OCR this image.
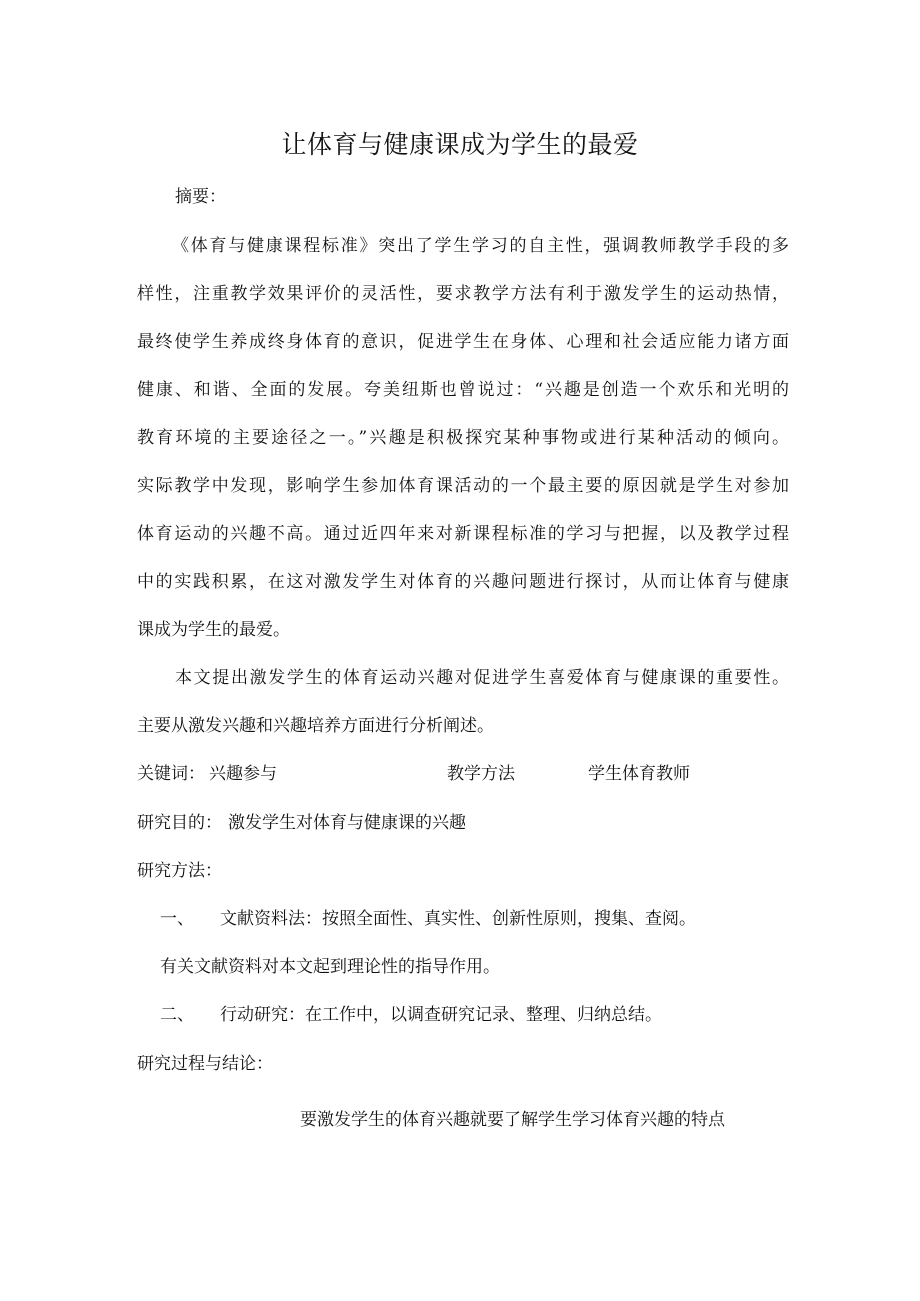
让体育与健康课成为学生的最爱
摘要：
《体育与健康课程标准》突出了学生学习的自主性，强调教师教学手段的多
样性，注重教学效果评价的灵活性，要求教学方法有利于激发学生的运动热情，
最终使学生养成终身体育的意识，促进学生在身体、心理和社会适应能力诸方面
健康、和谐、全面的发展。夸美纽斯也曾说过：“兴趣是创造一个欢乐和光明的
教育环境的主要途径之一。”兴趣是积极探究某种事物或进行某种活动的倾向。
实际教学中发现，影响学生参加体育课活动的一个最主要的原因就是学生对参加
体育运动的兴趣不高。通过近四年来对新课程标准的学习与把握，以及教学过程
中的实践积累，在这对激发学生对体育的兴趣问题进行探讨，从而让体育与健康
课成为学生的最爱。
本文提出激发学生的体育运动兴趣对促进学生喜爱体育与健康课的重要性。
主要从激发兴趣和兴趣培养方面进行分析阐述。
关键词： 兴趣参与	教学方法	学生体育教师
研究目的： 激发学生对体育与健康课的兴趣
研究方法：
一、 文献资料法：按照全面性、真实性、创新性原则，搜集、查阅。
有关文献资料对本文起到理论性的指导作用。
二、 行动研究：在工作中，以调查研究记录、整理、归纳总结。
研究过程与结论：
要激发学生的体育兴趣就要了解学生学习体育兴趣的特点
